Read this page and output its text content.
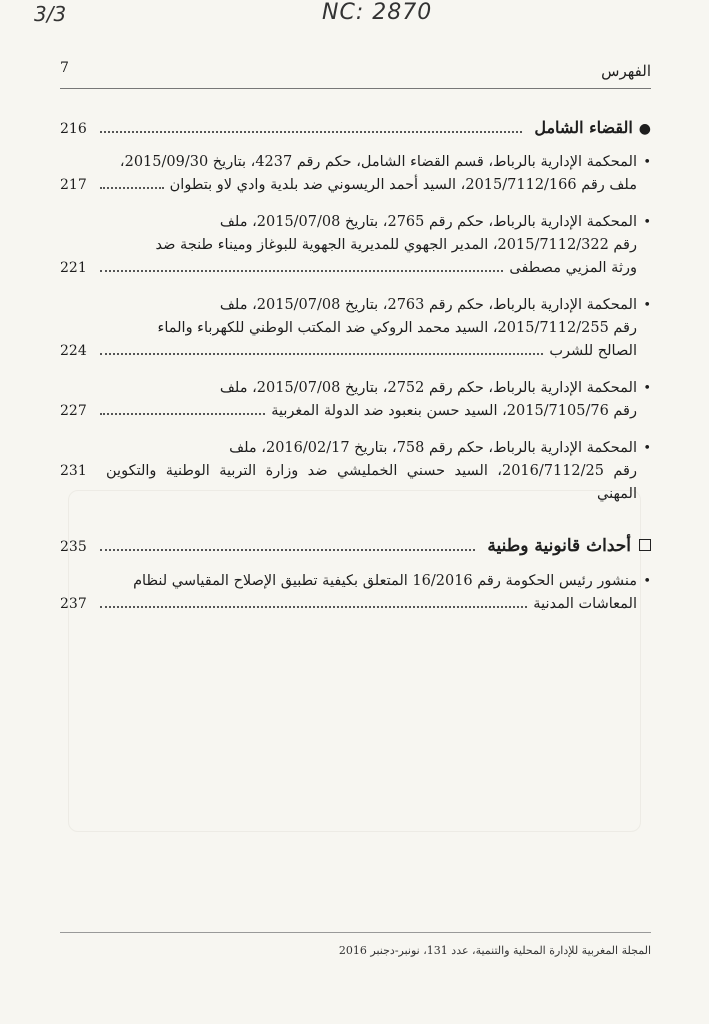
3/3	NC: 2870
7	الفهرس
●
القضاء الشامل
216
•
المحكمة الإدارية بالرباط، قسم القضاء الشامل، حكم رقم 4237، بتاريخ 2015/09/30،
ملف رقم 2015/7112/166، السيد أحمد الريسوني ضد بلدية وادي لاو بتطوان
217
•
المحكمة الإدارية بالرباط، حكم رقم 2765، بتاريخ 2015/07/08، ملف
رقم 2015/7112/322، المدير الجهوي للمديرية الجهوية للبوغاز وميناء طنجة ضد
ورثة المزيي مصطفى
221
•
المحكمة الإدارية بالرباط، حكم رقم 2763، بتاريخ 2015/07/08، ملف
رقم 2015/7112/255، السيد محمد الروكي ضد المكتب الوطني للكهرباء والماء
الصالح للشرب
224
•
المحكمة الإدارية بالرباط، حكم رقم 2752، بتاريخ 2015/07/08، ملف
رقم 2015/7105/76، السيد حسن بنعبود ضد الدولة المغربية
227
•
المحكمة الإدارية بالرباط، حكم رقم 758، بتاريخ 2016/02/17، ملف
رقم 2016/7112/25، السيد حسني الخمليشي ضد وزارة التربية الوطنية والتكوين المهني
231
أحداث قانونية وطنية
235
•
منشور رئيس الحكومة رقم 16/2016 المتعلق بكيفية تطبيق الإصلاح المقياسي لنظام
المعاشات المدنية
237
المجلة المغربية للإدارة المحلية والتنمية، عدد 131، نونبر-دجنبر 2016
